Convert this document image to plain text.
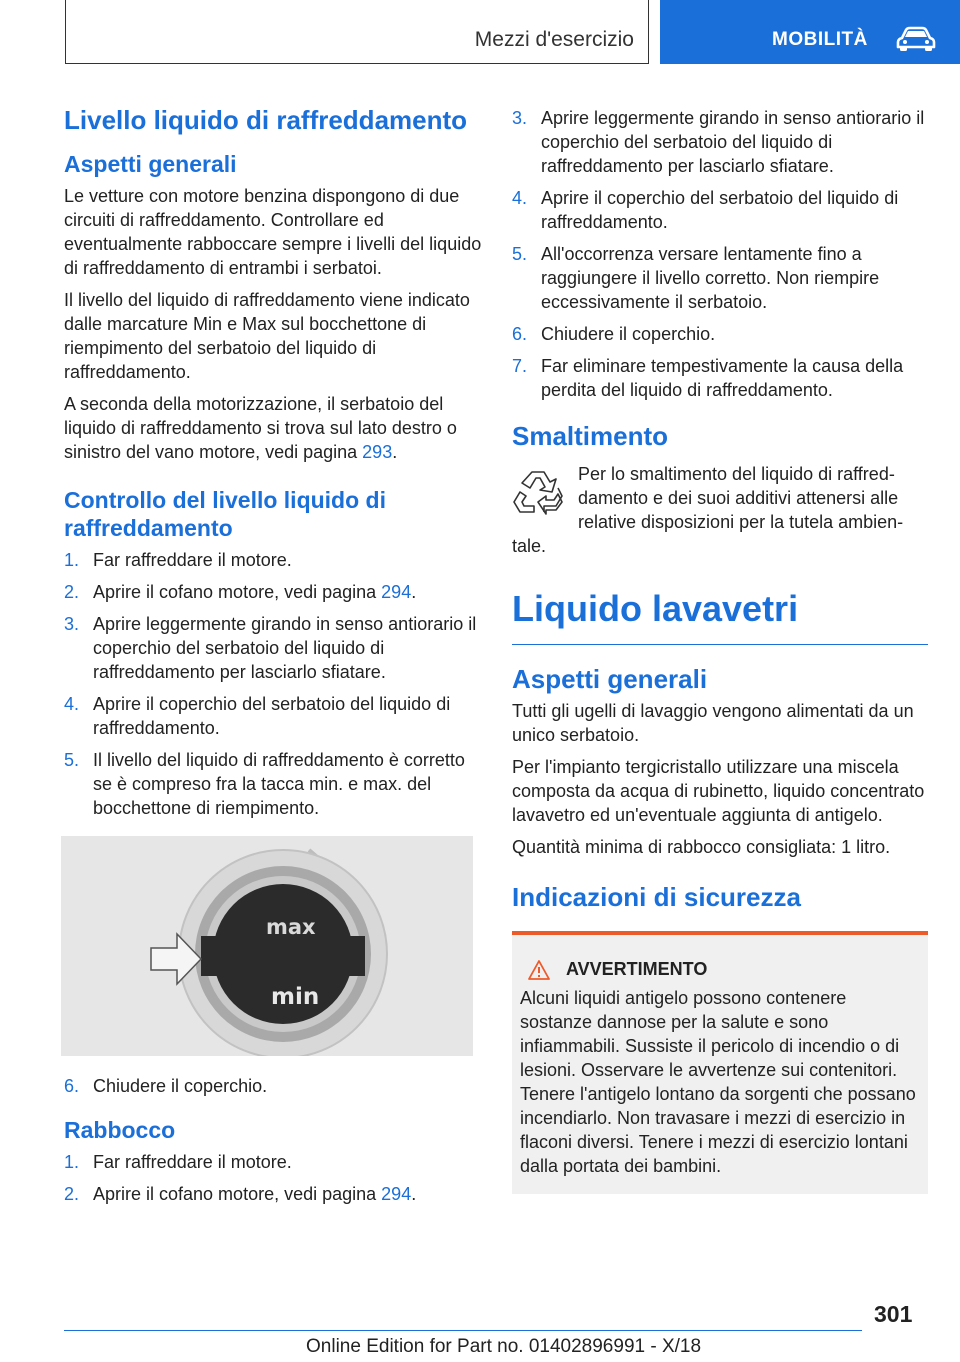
Mezzi d'esercizio	MOBILITÀ
Livello liquido di raffreddamento
Aspetti generali

Le vetture con motore benzina dispongono di due circuiti di raffreddamento. Controllare ed eventualmente rabboccare sempre i livelli del liquido di raffreddamento di entrambi i serbatoi.

Il livello del liquido di raffreddamento viene indicato dalle marcature Min e Max sul bocchettone di riempimento del serbatoio del liquido di raffreddamento.

A seconda della motorizzazione, il serbatoio del liquido di raffreddamento si trova sul lato destro o sinistro del vano motore, vedi pagina 293.

Controllo del livello liquido di raffreddamento
1. Far raffreddare il motore.
2. Aprire il cofano motore, vedi pagina 294.
3. Aprire leggermente girando in senso antiorario il coperchio del serbatoio del liquido di raffreddamento per lasciarlo sfiatare.
4. Aprire il coperchio del serbatoio del liquido di raffreddamento.
5. Il livello del liquido di raffreddamento è corretto se è compreso fra la tacca min. e max. del bocchettone di riempimento.
max
min
6. Chiudere il coperchio.
Rabbocco
1. Far raffreddare il motore.
2. Aprire il cofano motore, vedi pagina 294.
3. Aprire leggermente girando in senso antiorario il coperchio del serbatoio del liquido di raffreddamento per lasciarlo sfiatare.
4. Aprire il coperchio del serbatoio del liquido di raffreddamento.
5. All'occorrenza versare lentamente fino a raggiungere il livello corretto. Non riempire eccessivamente il serbatoio.
6. Chiudere il coperchio.
7. Far eliminare tempestivamente la causa della perdita del liquido di raffreddamento.
Smaltimento
Per lo smaltimento del liquido di raffred-
damento e dei suoi additivi attenersi alle
relative disposizioni per la tutela ambien-
tale.
Liquido lavavetri
Aspetti generali

Tutti gli ugelli di lavaggio vengono alimentati da un unico serbatoio.

Per l'impianto tergicristallo utilizzare una miscela composta da acqua di rubinetto, liquido concentrato lavavetro ed un'eventuale aggiunta di antigelo.

Quantità minima di rabbocco consigliata: 1 litro.

Indicazioni di sicurezza
AVVERTIMENTO

Alcuni liquidi antigelo possono contenere sostanze dannose per la salute e sono infiammabili. Sussiste il pericolo di incendio o di lesioni. Osservare le avvertenze sui contenitori. Tenere l'antigelo lontano da sorgenti che possano incendiarlo. Non travasare i mezzi di esercizio in flaconi diversi. Tenere i mezzi di esercizio lontani dalla portata dei bambini.

301
Online Edition for Part no. 01402896991 - X/18
